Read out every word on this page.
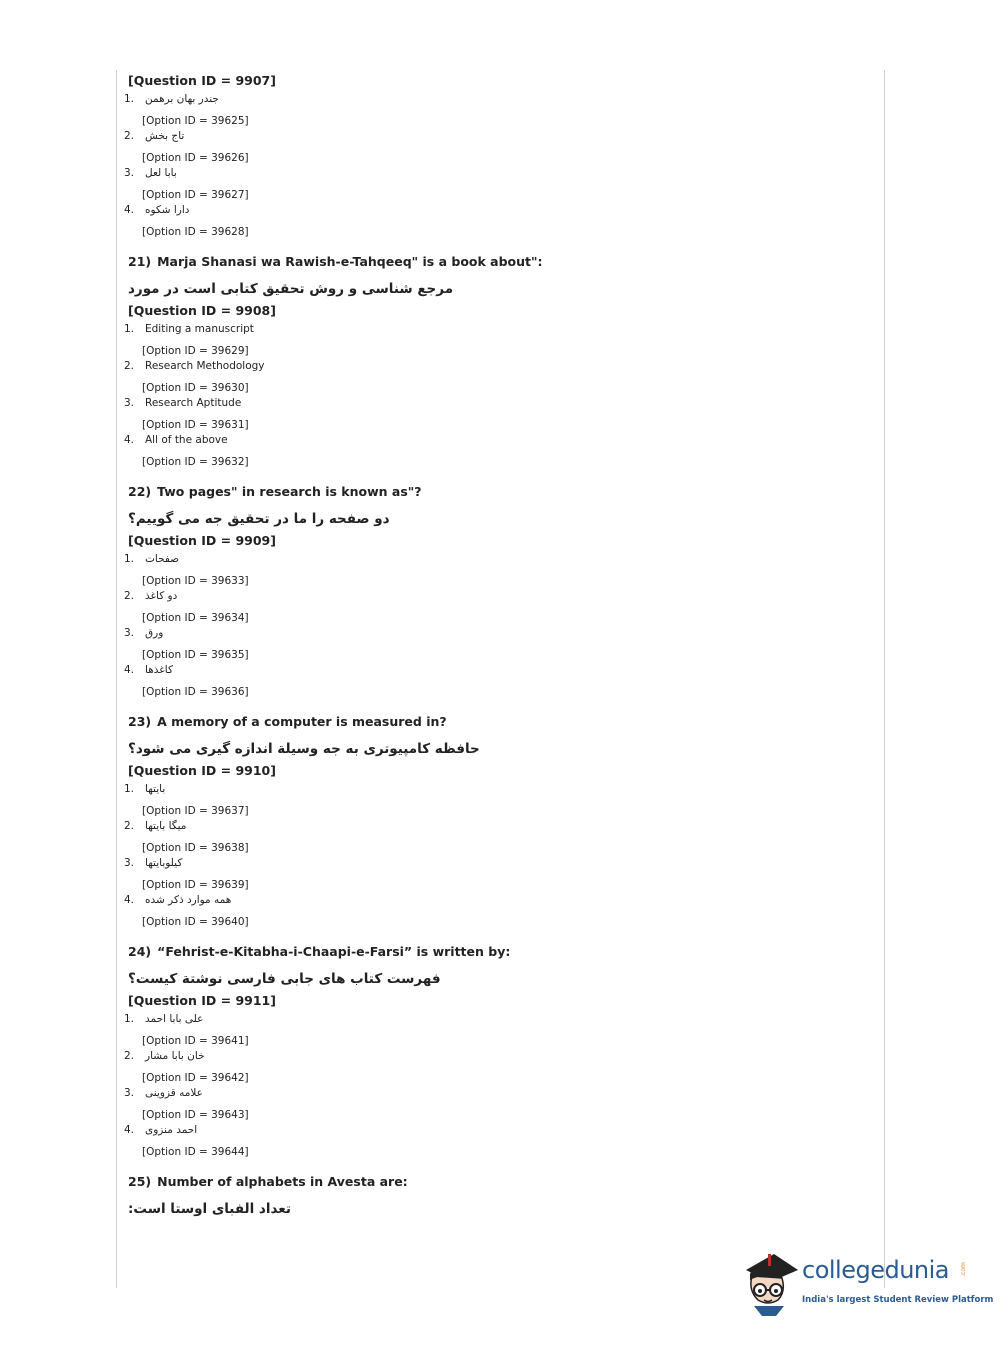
[Question ID = 9907]
1. جندر بهان برهمن
[Option ID = 39625]
2. تاج بخش
[Option ID = 39626]
3. بابا لعل
[Option ID = 39627]
4. دارا شکوه
[Option ID = 39628]
21) Marja Shanasi wa Rawish-e-Tahqeeq" is a book about":
مرجع شناسی و روش تحقیق کتابی است در مورد
[Question ID = 9908]
1. Editing a manuscript
[Option ID = 39629]
2. Research Methodology
[Option ID = 39630]
3. Research Aptitude
[Option ID = 39631]
4. All of the above
[Option ID = 39632]
22) Two pages" in research is known as"?
دو صفحه را ما در تحقیق جه می گوییم؟
[Question ID = 9909]
1. صفحات
[Option ID = 39633]
2. دو کاغذ
[Option ID = 39634]
3. ورق
[Option ID = 39635]
4. کاغذها
[Option ID = 39636]
23) A memory of a computer is measured in?
حافظه کامپیوتری به جه وسیلة اندازه گیری می شود؟
[Question ID = 9910]
1. بایتها
[Option ID = 39637]
2. میگا بایتها
[Option ID = 39638]
3. کیلوبایتها
[Option ID = 39639]
4. همه موارد ذکر شده
[Option ID = 39640]
24) “Fehrist-e-Kitabha-i-Chaapi-e-Farsi” is written by:
فهرست کتاب های جابی فارسی نوشتة کیست؟
[Question ID = 9911]
1. علی بابا احمد
[Option ID = 39641]
2. خان بابا مشار
[Option ID = 39642]
3. علامه قزوینی
[Option ID = 39643]
4. احمد منزوی
[Option ID = 39644]
25) Number of alphabets in Avesta are:
تعداد الفبای اوستا است:
collegedunia .com
India's largest Student Review Platform
